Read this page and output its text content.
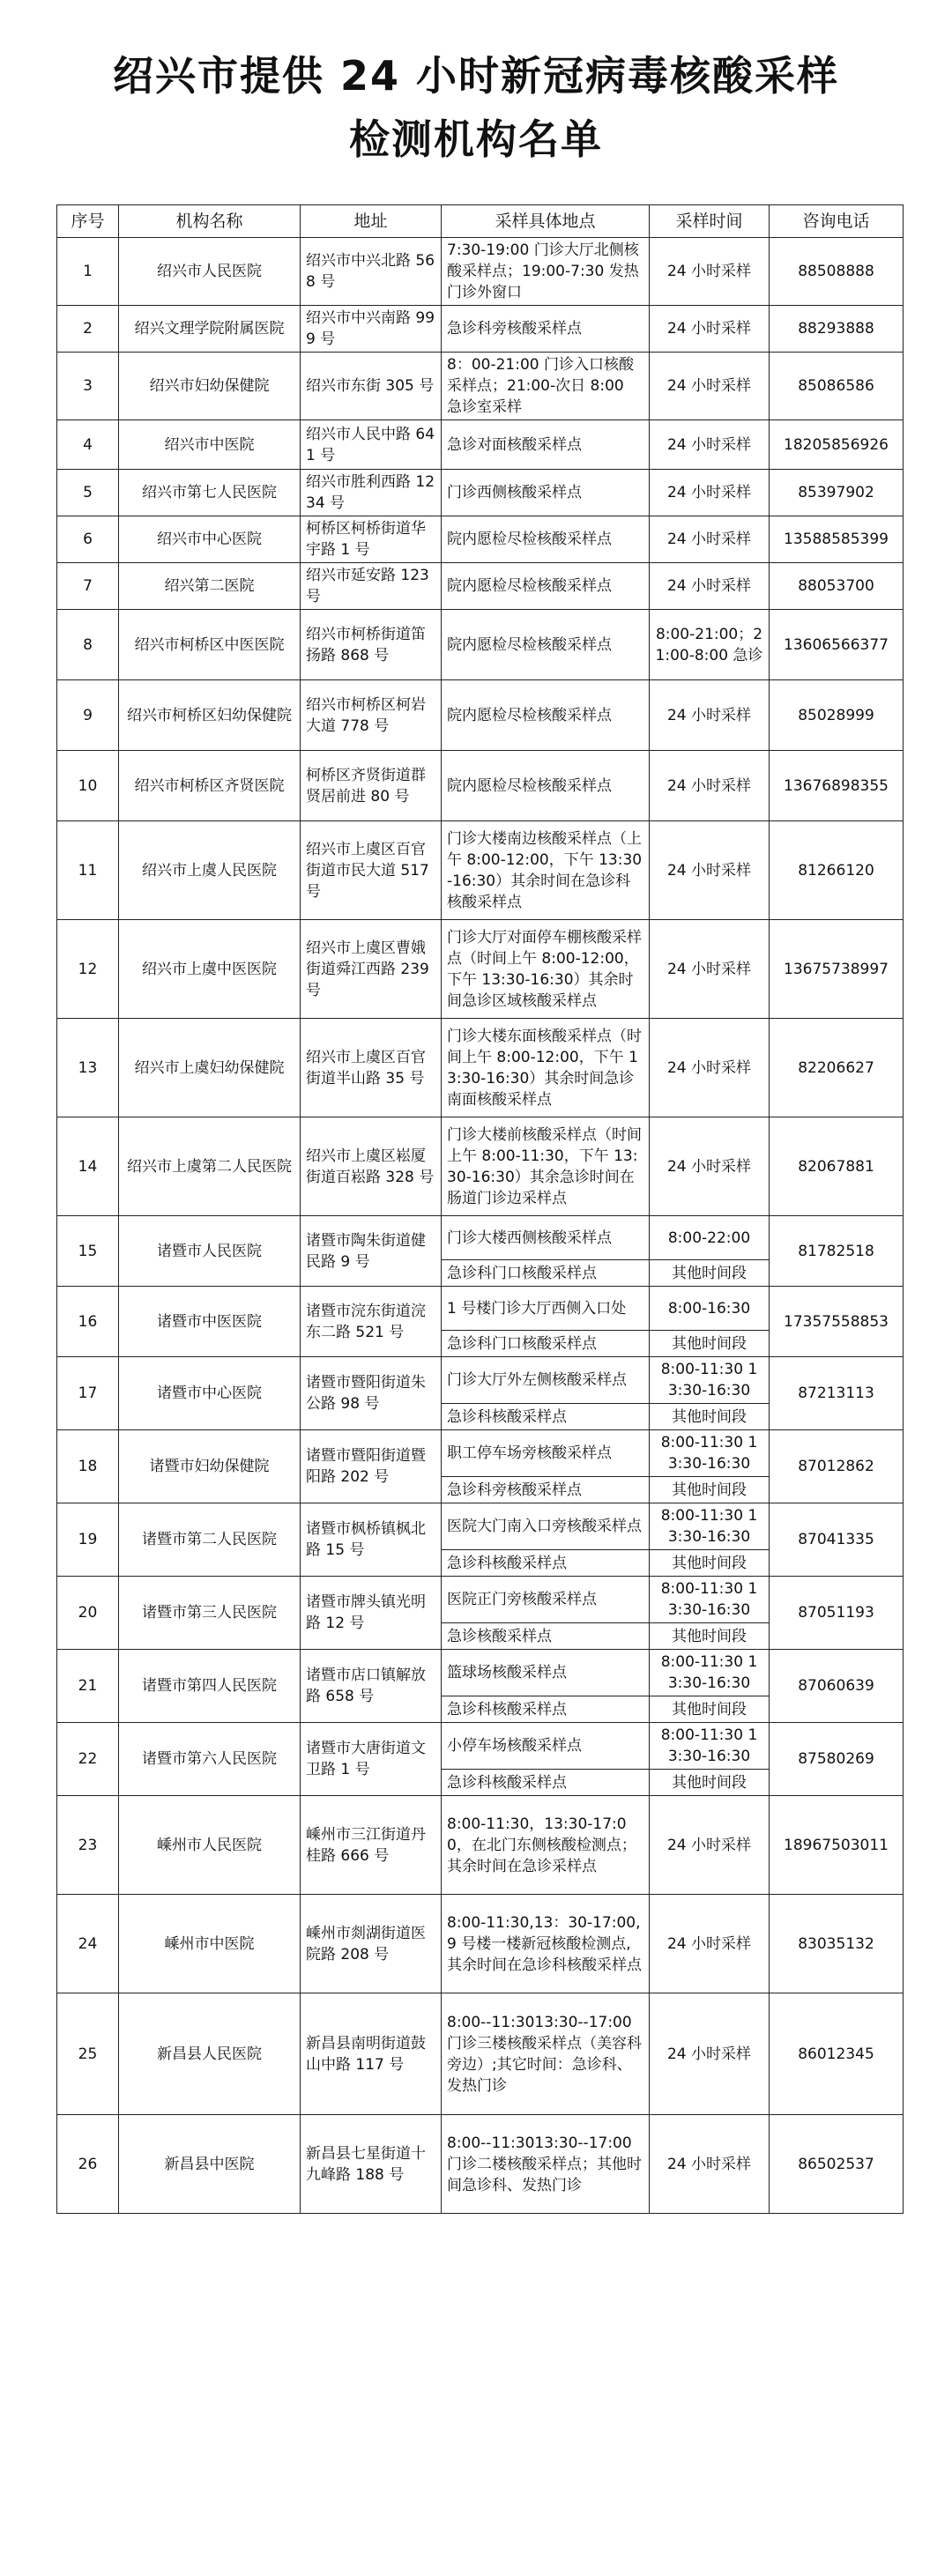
绍兴市提供 24 小时新冠病毒核酸采样
检测机构名单
序号	机构名称	地址	采样具体地点	采样时间	咨询电话
1	绍兴市人民医院	绍兴市中兴北路 568 号	7:30-19:00 门诊大厅北侧核酸采样点；19:00-7:30 发热门诊外窗口	24 小时采样	88508888
2	绍兴文理学院附属医院	绍兴市中兴南路 999 号	急诊科旁核酸采样点	24 小时采样	88293888
3	绍兴市妇幼保健院	绍兴市东街 305 号	8：00-21:00 门诊入口核酸采样点；21:00-次日 8:00 急诊室采样	24 小时采样	85086586
4	绍兴市中医院	绍兴市人民中路 641 号	急诊对面核酸采样点	24 小时采样	18205856926
5	绍兴市第七人民医院	绍兴市胜利西路 1234 号	门诊西侧核酸采样点	24 小时采样	85397902
6	绍兴市中心医院	柯桥区柯桥街道华宇路 1 号	院内愿检尽检核酸采样点	24 小时采样	13588585399
7	绍兴第二医院	绍兴市延安路 123 号	院内愿检尽检核酸采样点	24 小时采样	88053700
8	绍兴市柯桥区中医医院	绍兴市柯桥街道笛扬路 868 号	院内愿检尽检核酸采样点	8:00-21:00；21:00-8:00 急诊	13606566377
9	绍兴市柯桥区妇幼保健院	绍兴市柯桥区柯岩大道 778 号	院内愿检尽检核酸采样点	24 小时采样	85028999
10	绍兴市柯桥区齐贤医院	柯桥区齐贤街道群贤居前进 80 号	院内愿检尽检核酸采样点	24 小时采样	13676898355
11	绍兴市上虞人民医院	绍兴市上虞区百官街道市民大道 517 号	门诊大楼南边核酸采样点（上午 8:00-12:00，下午 13:30-16:30）其余时间在急诊科核酸采样点	24 小时采样	81266120
12	绍兴市上虞中医医院	绍兴市上虞区曹娥街道舜江西路 239 号	门诊大厅对面停车棚核酸采样点（时间上午 8:00-12:00，下午 13:30-16:30）其余时间急诊区域核酸采样点	24 小时采样	13675738997
13	绍兴市上虞妇幼保健院	绍兴市上虞区百官街道半山路 35 号	门诊大楼东面核酸采样点（时间上午 8:00-12:00，下午 13:30-16:30）其余时间急诊南面核酸采样点	24 小时采样	82206627
14	绍兴市上虞第二人民医院	绍兴市上虞区崧厦街道百崧路 328 号	门诊大楼前核酸采样点（时间上午 8:00-11:30，下午 13:30-16:30）其余急诊时间在肠道门诊边采样点	24 小时采样	82067881
15	诸暨市人民医院	诸暨市陶朱街道健民路 9 号	门诊大楼西侧核酸采样点	8:00-22:00	81782518
			急诊科门口核酸采样点	其他时间段	
16	诸暨市中医医院	诸暨市浣东街道浣东二路 521 号	1 号楼门诊大厅西侧入口处	8:00-16:30	17357558853
			急诊科门口核酸采样点	其他时间段	
17	诸暨市中心医院	诸暨市暨阳街道朱公路 98 号	门诊大厅外左侧核酸采样点	8:00-11:30 13:30-16:30	87213113
			急诊科核酸采样点	其他时间段	
18	诸暨市妇幼保健院	诸暨市暨阳街道暨阳路 202 号	职工停车场旁核酸采样点	8:00-11:30 13:30-16:30	87012862
			急诊科旁核酸采样点	其他时间段	
19	诸暨市第二人民医院	诸暨市枫桥镇枫北路 15 号	医院大门南入口旁核酸采样点	8:00-11:30 13:30-16:30	87041335
			急诊科核酸采样点	其他时间段	
20	诸暨市第三人民医院	诸暨市牌头镇光明路 12 号	医院正门旁核酸采样点	8:00-11:30 13:30-16:30	87051193
			急诊核酸采样点	其他时间段	
21	诸暨市第四人民医院	诸暨市店口镇解放路 658 号	篮球场核酸采样点	8:00-11:30 13:30-16:30	87060639
			急诊科核酸采样点	其他时间段	
22	诸暨市第六人民医院	诸暨市大唐街道文卫路 1 号	小停车场核酸采样点	8:00-11:30 13:30-16:30	87580269
			急诊科核酸采样点	其他时间段	
23	嵊州市人民医院	嵊州市三江街道丹桂路 666 号	8:00-11:30，13:30-17:00，在北门东侧核酸检测点；其余时间在急诊采样点	24 小时采样	18967503011
24	嵊州市中医院	嵊州市剡湖街道医院路 208 号	8:00-11:30,13：30-17:00,9 号楼一楼新冠核酸检测点,其余时间在急诊科核酸采样点	24 小时采样	83035132
25	新昌县人民医院	新昌县南明街道鼓山中路 117 号	8:00--11:3013:30--17:00 门诊三楼核酸采样点（美容科旁边）;其它时间：急诊科、发热门诊	24 小时采样	86012345
26	新昌县中医院	新昌县七星街道十九峰路 188 号	8:00--11:3013:30--17:00 门诊二楼核酸采样点；其他时间急诊科、发热门诊	24 小时采样	86502537
